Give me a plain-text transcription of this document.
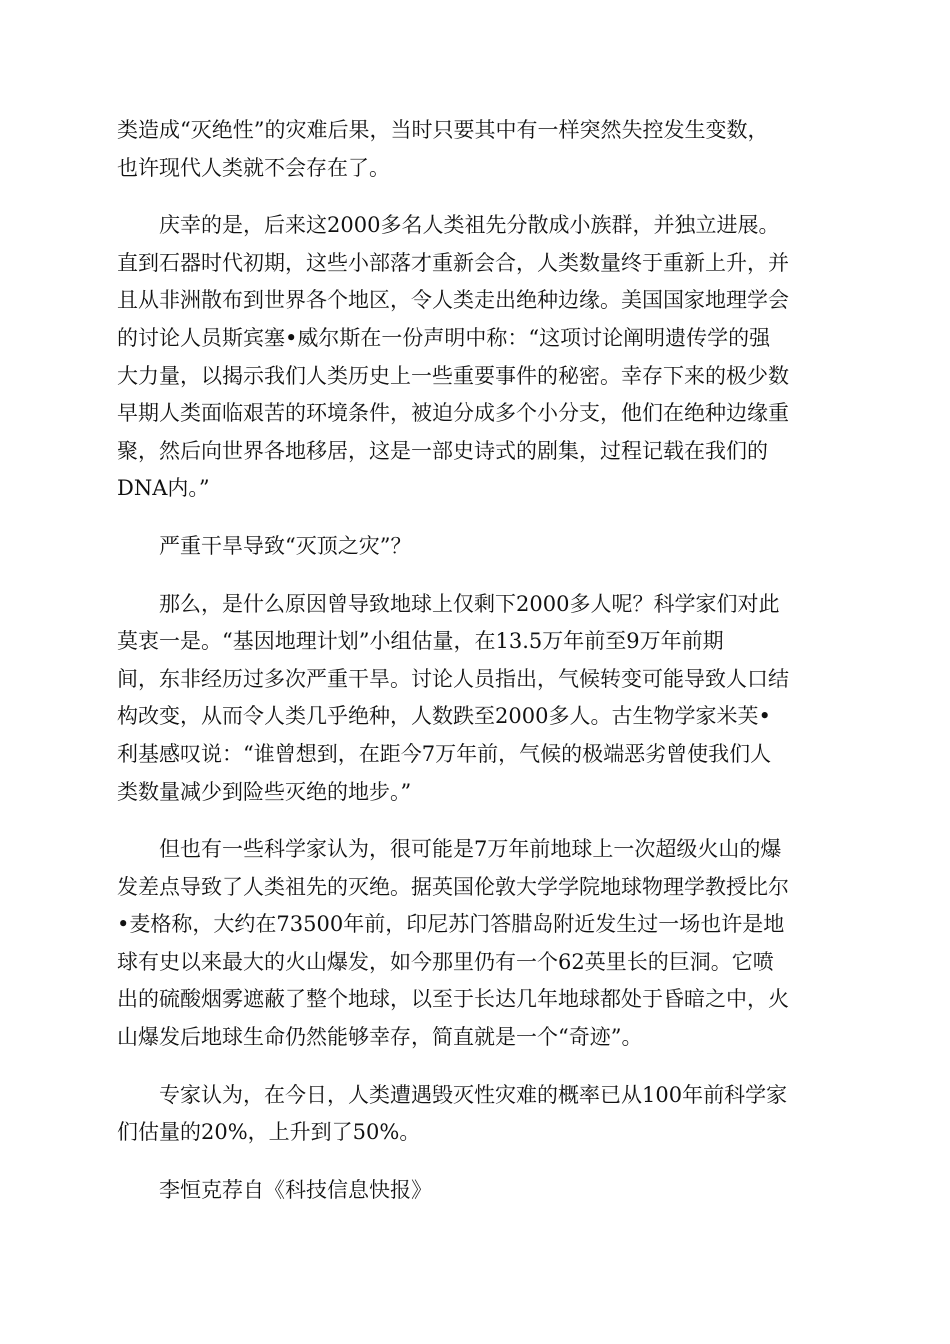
类造成“灭绝性”的灾难后果，当时只要其中有一样突然失控发生变数，
也许现代人类就不会存在了。

庆幸的是，后来这2000多名人类祖先分散成小族群，并独立进展。
直到石器时代初期，这些小部落才重新会合，人类数量终于重新上升，并
且从非洲散布到世界各个地区，令人类走出绝种边缘。美国国家地理学会
的讨论人员斯宾塞•威尔斯在一份声明中称：“这项讨论阐明遗传学的强
大力量，以揭示我们人类历史上一些重要事件的秘密。幸存下来的极少数
早期人类面临艰苦的环境条件，被迫分成多个小分支，他们在绝种边缘重
聚，然后向世界各地移居，这是一部史诗式的剧集，过程记载在我们的
DNA内。”

严重干旱导致“灭顶之灾”？

那么，是什么原因曾导致地球上仅剩下2000多人呢？科学家们对此
莫衷一是。“基因地理计划”小组估量，在13.5万年前至9万年前期
间，东非经历过多次严重干旱。讨论人员指出，气候转变可能导致人口结
构改变，从而令人类几乎绝种，人数跌至2000多人。古生物学家米芙•
利基感叹说：“谁曾想到，在距今7万年前，气候的极端恶劣曾使我们人
类数量减少到险些灭绝的地步。”

但也有一些科学家认为，很可能是7万年前地球上一次超级火山的爆
发差点导致了人类祖先的灭绝。据英国伦敦大学学院地球物理学教授比尔
•麦格称，大约在73500年前，印尼苏门答腊岛附近发生过一场也许是地
球有史以来最大的火山爆发，如今那里仍有一个62英里长的巨洞。它喷
出的硫酸烟雾遮蔽了整个地球，以至于长达几年地球都处于昏暗之中，火
山爆发后地球生命仍然能够幸存，简直就是一个“奇迹”。

专家认为，在今日，人类遭遇毁灭性灾难的概率已从100年前科学家
们估量的20%，上升到了50%。

李恒克荐自《科技信息快报》
